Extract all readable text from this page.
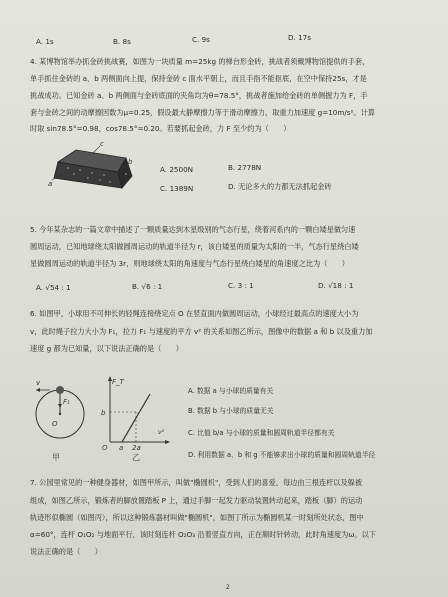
A. 1s	B. 8s	C. 9s	D. 17s
4. 某博物馆举办抓金砖挑战赛，如图为一块质量 m=25kg 的梯台形金砖，挑战者须戴博物馆提供的手套，
单手抓住金砖的 a、b 两侧面向上提，保持金砖 c 面水平朝上，而且手指不能抠底，在空中保持25s，才是
挑战成功。已知金砖 a、b 两侧面与金砖底面的夹角均为θ=78.5°，挑战者施加给金砖的单侧握力为 F，手
套与金砖之间的动摩擦因数为μ=0.25，假设最大静摩擦力等于滑动摩擦力，取重力加速度 g=10m/s²。计算
时取 sin78.5°=0.98，cos78.5°=0.20。若要抓起金砖，力 F 至少约为（　　）
c
b
a
A. 2500N	B. 2778N
C. 1389N	D. 无论多大的力都无法抓起金砖
5. 今年某杂志的一篇文章中描述了一颗质量达到木星级别的气态行星，绕着河系内的一颗白矮星做匀速
圆周运动，已知地球绕太阳做圆周运动的轨道半径为 r，该白矮星的质量为太阳的一半，气态行星绕白矮
星做圆周运动的轨道半径为 3r，则地球绕太阳的角速度与气态行星绕白矮星的角速度之比为（　　）
A. √54 : 1	B. √6 : 1	C. 3 : 1	D. √18 : 1
6. 如图甲，小球用不可伸长的轻绳连接绕定点 O 在竖直面内做圆周运动，小球经过最高点的速度大小为
v，此时绳子拉力大小为 F₁，拉力 F₁ 与速度的平方 v² 的关系如图乙所示，图像中的数据 a 和 b 以及重力加
速度 g 都为已知量，以下说法正确的是（　　）
v
F₁
O
甲
F_T
b
O a 2a
v²
乙
A. 数据 a 与小球的质量有关
B. 数据 b 与小球的质量无关
C. 比值 b/a 与小球的质量和圆周轨道半径都有关
D. 利用数据 a、b 和 g 不能够求出小球的质量和圆周轨道半径
7. 公园里常见的一种健身器材，如图甲所示，叫做"椭圆机"，受到人们的喜爱，每边由三根连杆以及躲被
组成，如图乙所示，锻炼者的脚放置踏板 P 上，通过手脚一起发力驱动装置转动起来，踏板（脚）的运动
轨迹形似椭圆（如图丙），所以这种锻炼器材叫做"椭圆机"，如图丁所示为椭圆机某一时刻所处状态，图中
α=60°，连杆 O₁O₂ 与地面平行，该时刻连杆 O₂O₃ 沿着竖直方向，正在顺时针转动，此时角速度为ω。以下
说法正确的是（　　）
2
